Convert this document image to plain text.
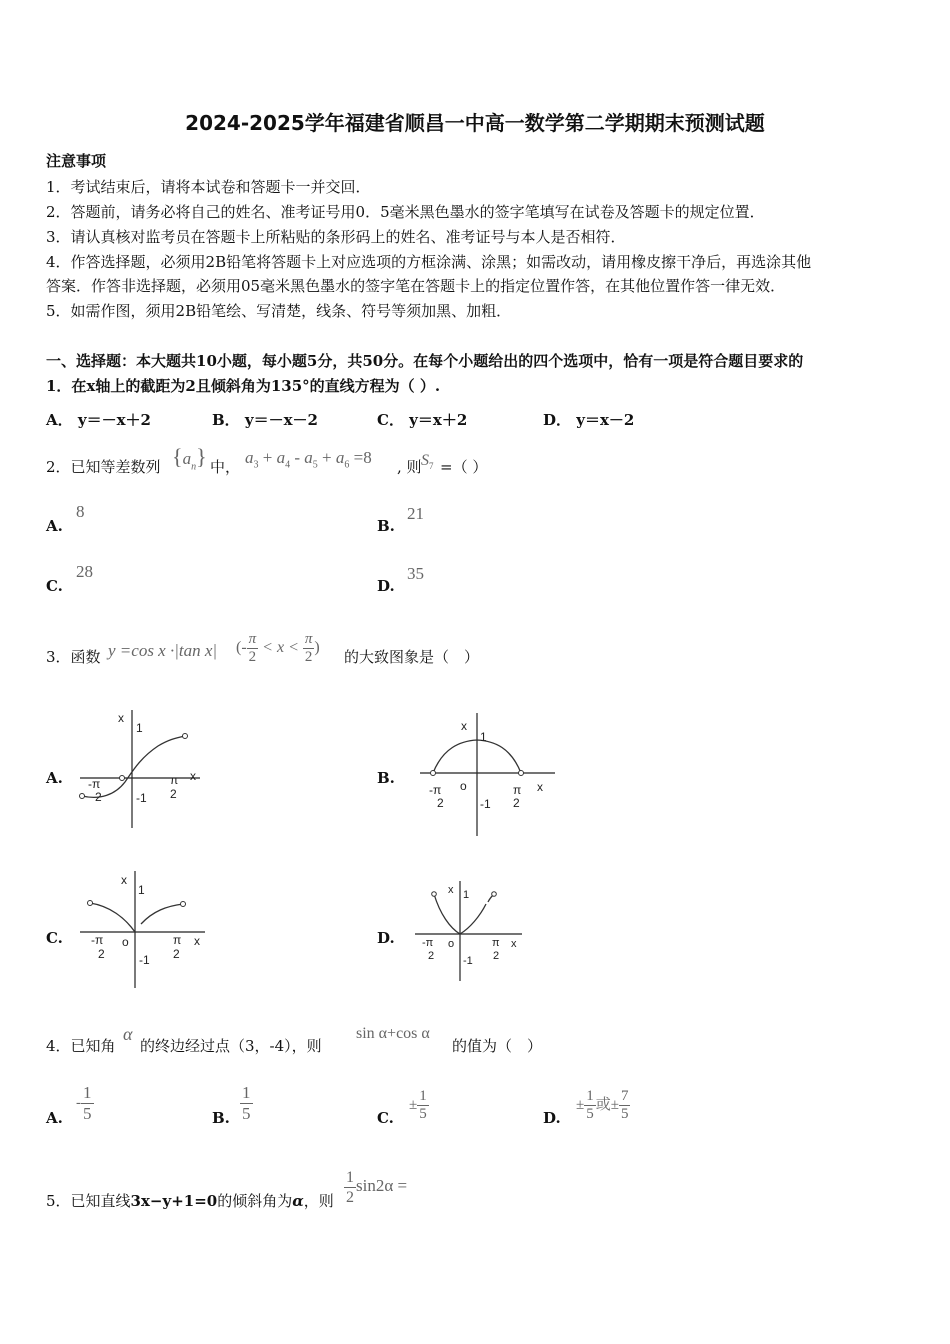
2024-2025学年福建省顺昌一中高一数学第二学期期末预测试题
注意事项
1．考试结束后，请将本试卷和答题卡一并交回．
2．答题前，请务必将自己的姓名、准考证号用0．5毫米黑色墨水的签字笔填写在试卷及答题卡的规定位置．
3．请认真核对监考员在答题卡上所粘贴的条形码上的姓名、准考证号与本人是否相符．
4．作答选择题，必须用2B铅笔将答题卡上对应选项的方框涂满、涂黑；如需改动，请用橡皮擦干净后，再选涂其他
答案．作答非选择题，必须用05毫米黑色墨水的签字笔在答题卡上的指定位置作答，在其他位置作答一律无效．
5．如需作图，须用2B铅笔绘、写清楚，线条、符号等须加黑、加粗．
一、选择题：本大题共10小题，每小题5分，共50分。在每个小题给出的四个选项中，恰有一项是符合题目要求的
1．在x轴上的截距为2且倾斜角为135°的直线方程为（ ）.
A． y＝－x＋2	B． y＝－x－2	C． y＝x＋2	D． y＝x－2
2．已知等差数列 $\{a_n\}$ 中， $a_3 + a_4 - a_5 + a_6 =8$ , 则 $S_7$ =（ ）
A.
8
B.
21
C.
28
D.
35
3．函数 y =cos x ·|tan x| (- $\frac{\pi}{2} < x < \frac{\pi}{2}$ )
的大致图象是（　）
A.	B.
C.	D.
x
1
-1
x
-π
2
π
2
x
1
-1
o	x
-π
2
π
2
x
1
-1
o	x
-π
2
π
2
x 1
-1
o	x
-π
2
π
2
4．已知角
α
的终边经过点（3，-4），则
sin α+cos α
的值为（　）
A.
- $\frac{1}{5}$	B. $\frac{1}{5}$	C.
± $\frac{1}{5}$	D.
± $\frac{1}{5}$ 或± $\frac{7}{5}$
5．已知直线3x−y+1=0的倾斜角为α，则 $\frac{1}{2} \sin 2\alpha$ =
